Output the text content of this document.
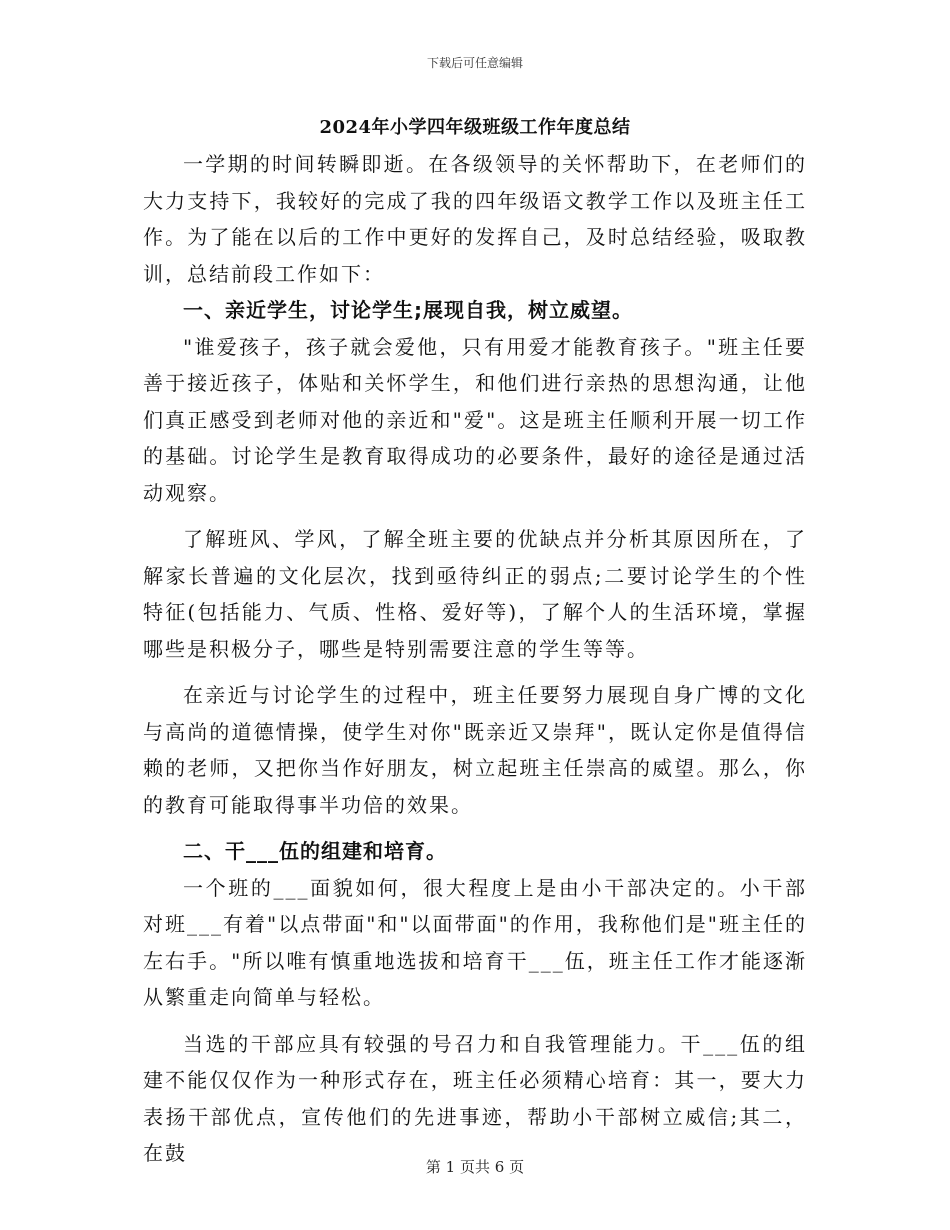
下载后可任意编辑
2024年小学四年级班级工作年度总结

一学期的时间转瞬即逝。在各级领导的关怀帮助下，在老师们的大力支持下，我较好的完成了我的四年级语文教学工作以及班主任工作。为了能在以后的工作中更好的发挥自己，及时总结经验，吸取教训，总结前段工作如下：

一、亲近学生，讨论学生;展现自我，树立威望。

"谁爱孩子，孩子就会爱他，只有用爱才能教育孩子。"班主任要善于接近孩子，体贴和关怀学生，和他们进行亲热的思想沟通，让他们真正感受到老师对他的亲近和"爱"。这是班主任顺利开展一切工作的基础。讨论学生是教育取得成功的必要条件，最好的途径是通过活动观察。

了解班风、学风，了解全班主要的优缺点并分析其原因所在，了解家长普遍的文化层次，找到亟待纠正的弱点;二要讨论学生的个性特征(包括能力、气质、性格、爱好等)，了解个人的生活环境，掌握哪些是积极分子，哪些是特别需要注意的学生等等。

在亲近与讨论学生的过程中，班主任要努力展现自身广博的文化与高尚的道德情操，使学生对你"既亲近又崇拜"，既认定你是值得信赖的老师，又把你当作好朋友，树立起班主任崇高的威望。那么，你的教育可能取得事半功倍的效果。

二、干___伍的组建和培育。

一个班的___面貌如何，很大程度上是由小干部决定的。小干部对班___有着"以点带面"和"以面带面"的作用，我称他们是"班主任的左右手。"所以唯有慎重地选拔和培育干___伍，班主任工作才能逐渐从繁重走向简单与轻松。

当选的干部应具有较强的号召力和自我管理能力。干___伍的组建不能仅仅作为一种形式存在，班主任必须精心培育：其一，要大力表扬干部优点，宣传他们的先进事迹，帮助小干部树立威信;其二，在鼓

第 1 页共 6 页
